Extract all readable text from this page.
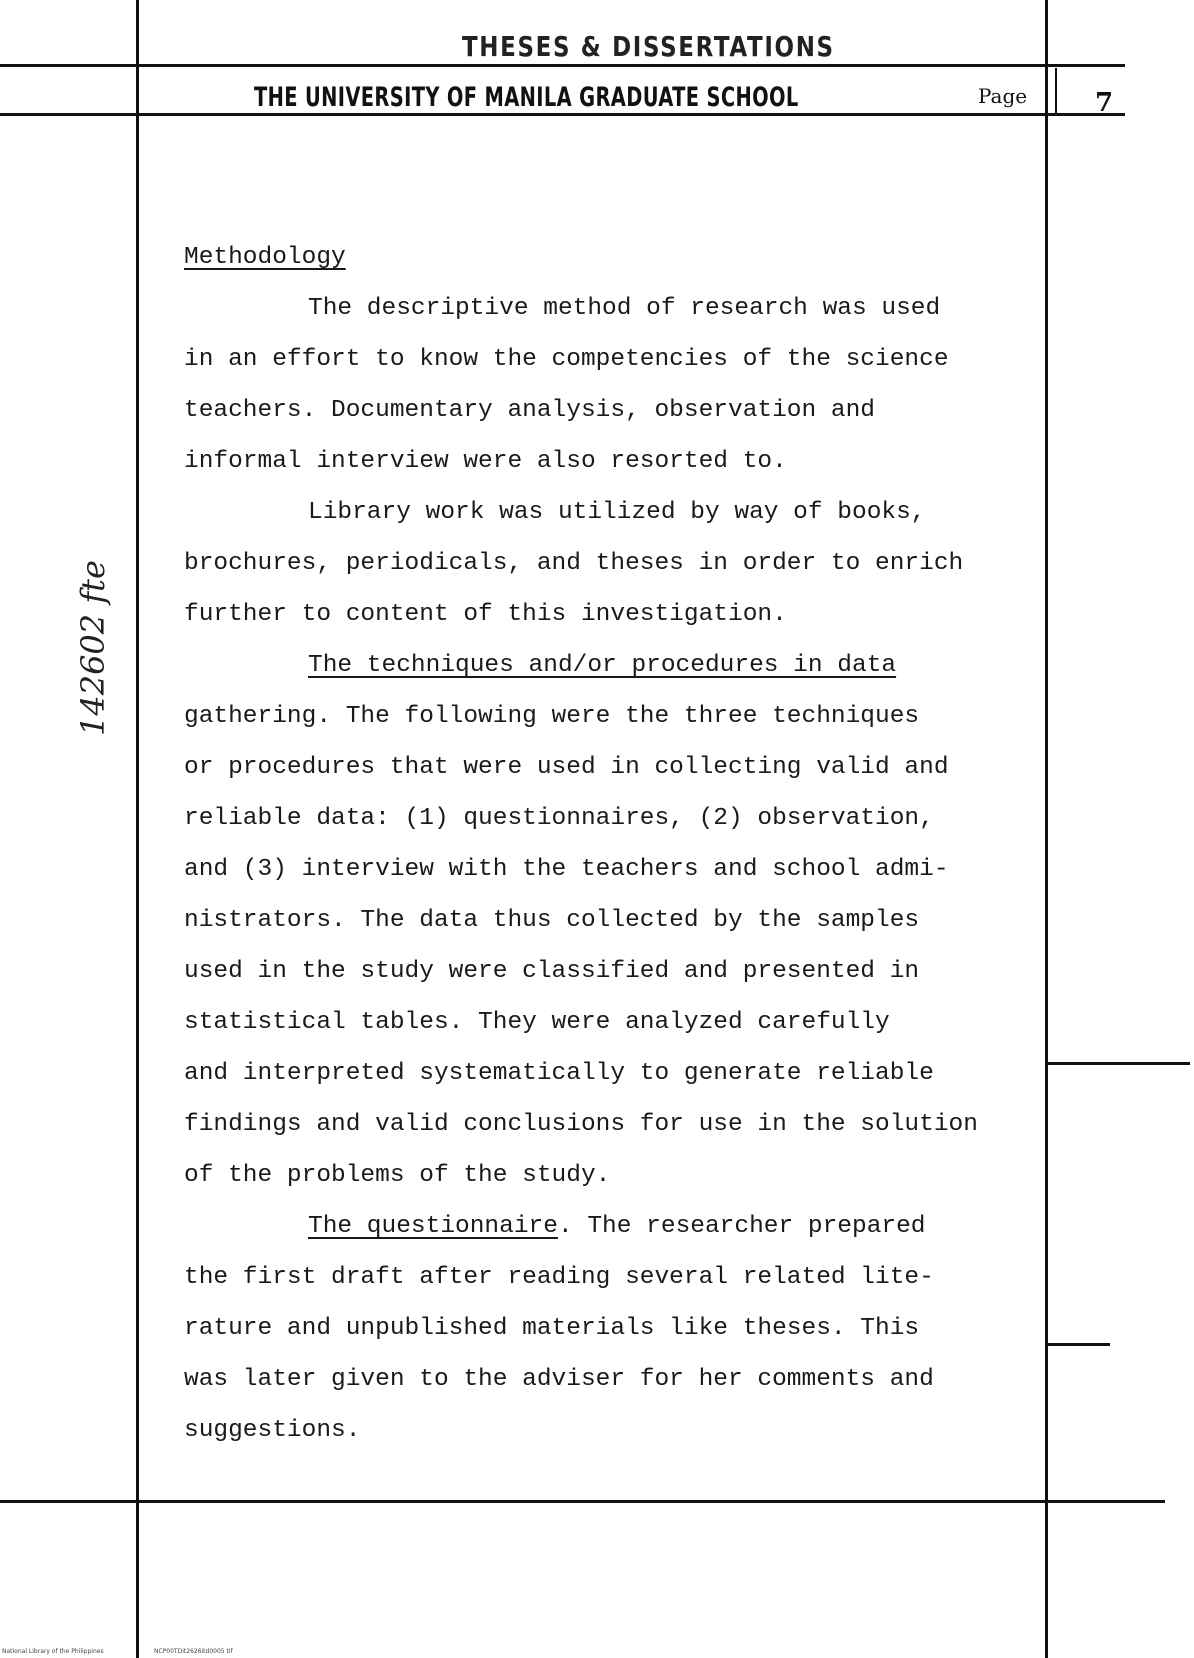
THESES & DISSERTATIONS
THE UNIVERSITY OF MANILA GRADUATE SCHOOL	Page	7
142602 fte
Methodology
The descriptive method of research was used
in an effort to know the competencies of the science
teachers. Documentary analysis, observation and
informal interview were also resorted to.
Library work was utilized by way of books,
brochures, periodicals, and theses in order to enrich
further to content of this investigation.
The techniques and/or procedures in data
gathering. The following were the three techniques
or procedures that were used in collecting valid and
reliable data: (1) questionnaires, (2) observation,
and (3) interview with the teachers and school admi-
nistrators. The data thus collected by the samples
used in the study were classified and presented in
statistical tables. They were analyzed carefully
and interpreted systematically to generate reliable
findings and valid conclusions for use in the solution
of the problems of the study.
The questionnaire. The researcher prepared
the first draft after reading several related lite-
rature and unpublished materials like theses. This
was later given to the adviser for her comments and
suggestions.
National Library of the Philippines	NCP00TDit2626itd0005 tif
